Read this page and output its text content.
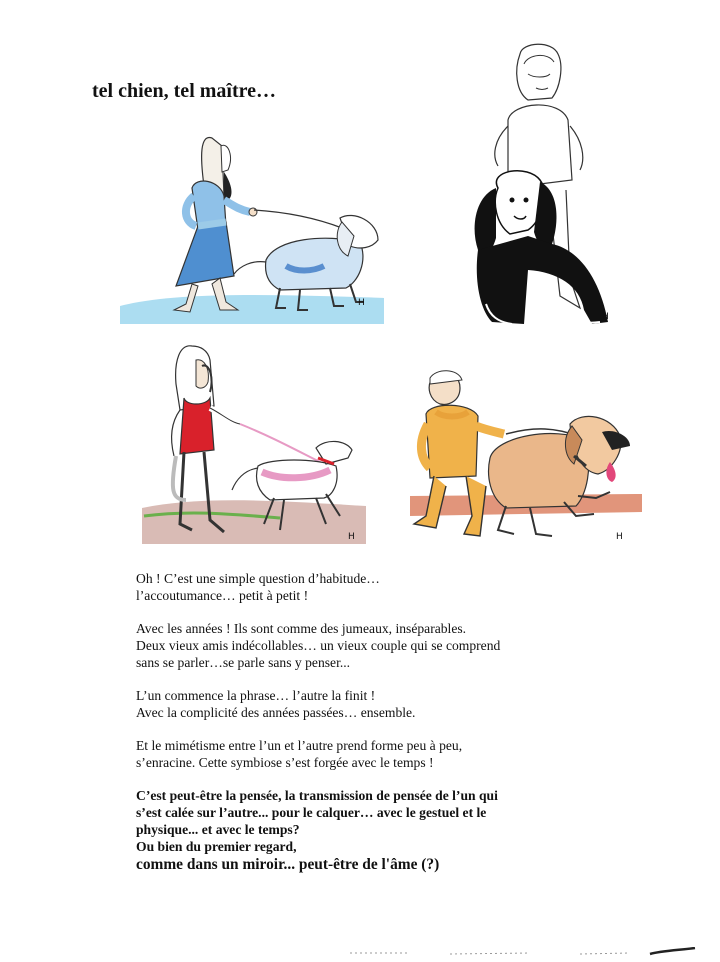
tel chien, tel maître…
H
H
H	H

Oh ! C’est une simple question d’habitude…
l’accoutumance… petit à petit !

Avec les années ! Ils sont comme des jumeaux, inséparables.
Deux vieux amis indécollables… un vieux couple qui se comprend
sans se parler…se parle sans y penser...

L’un commence la phrase… l’autre la finit !
Avec la complicité des années passées… ensemble.

Et le mimétisme entre l’un et l’autre prend forme peu à peu,
s’enracine. Cette symbiose s’est forgée avec le temps !

C’est peut-être la pensée, la transmission de pensée de l’un qui
s’est calée sur l’autre... pour le calquer… avec le gestuel et le
physique... et avec le temps?
Ou bien du premier regard,

comme dans un miroir... peut-être de l'âme (?)
